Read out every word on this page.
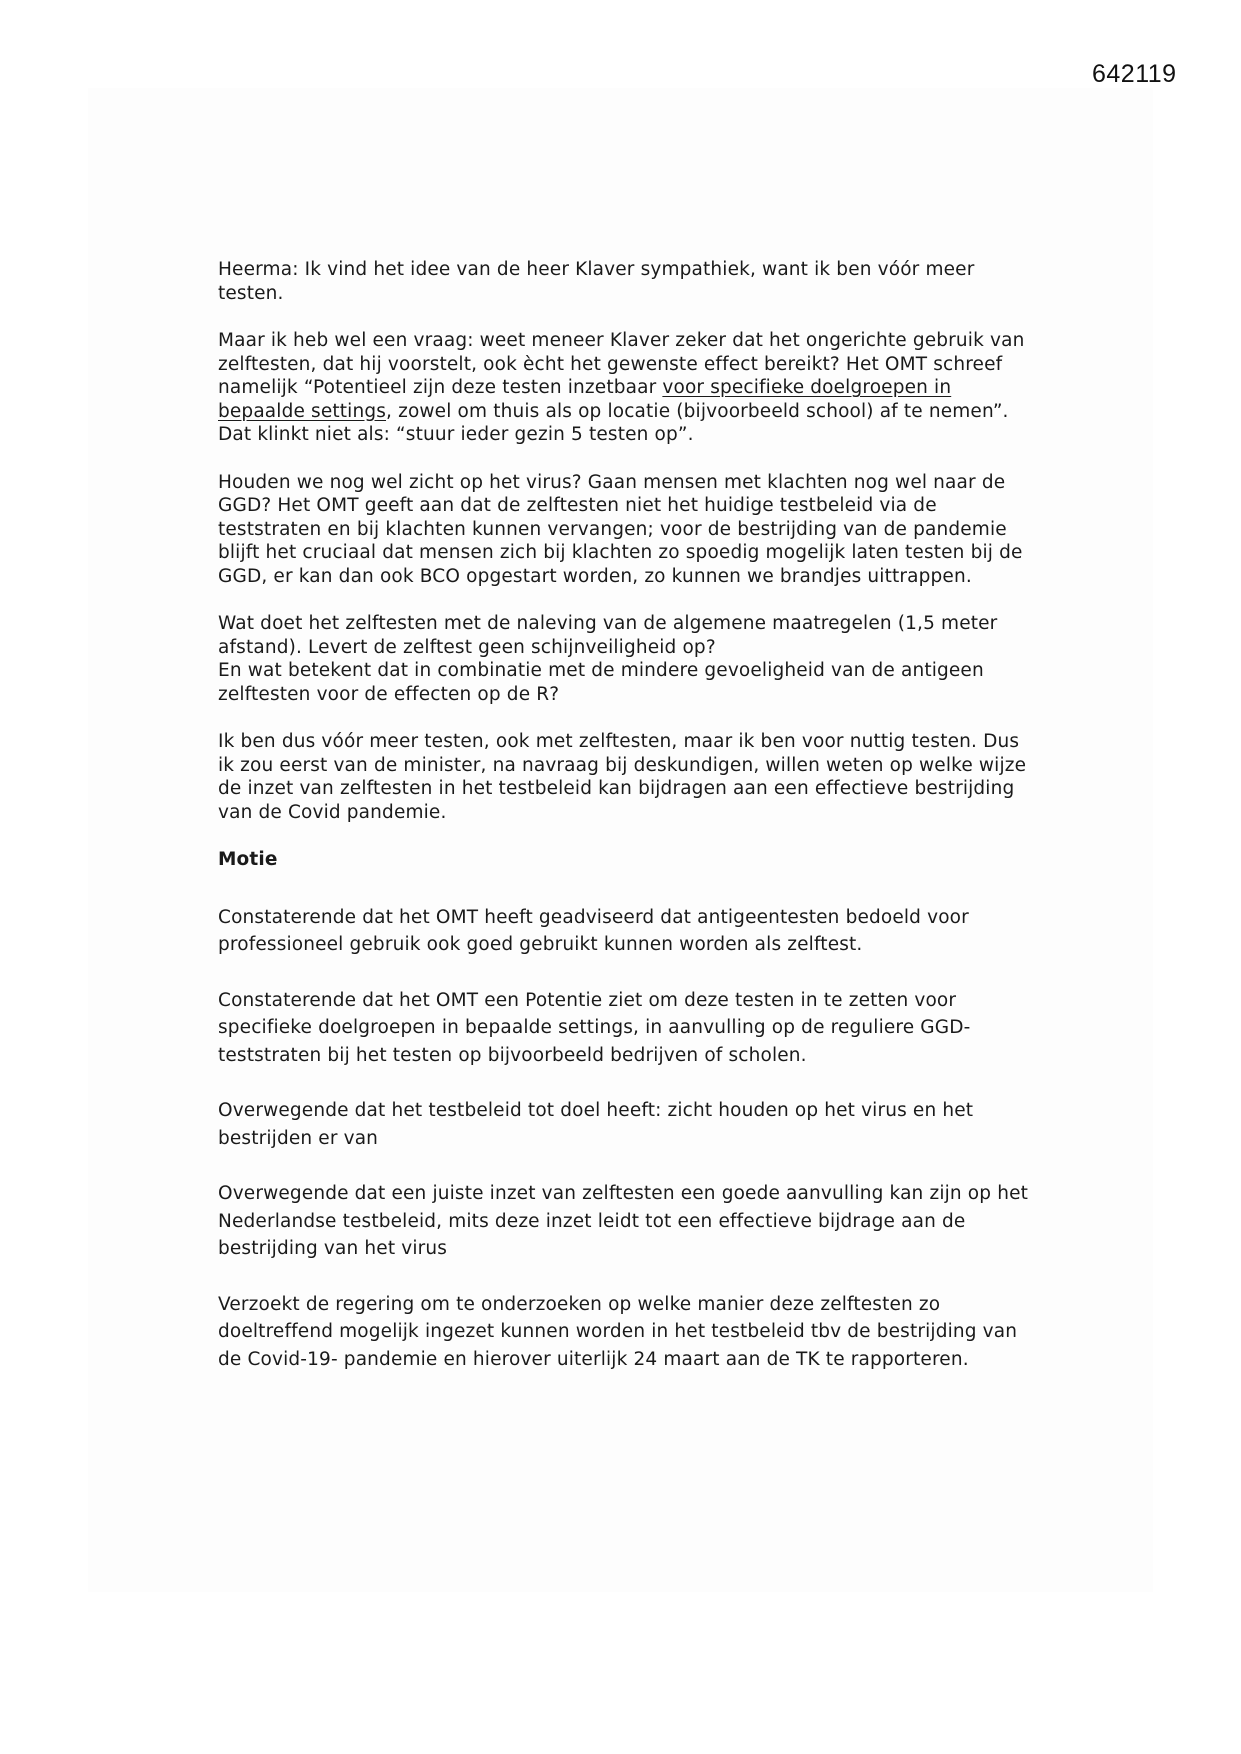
642119

Heerma: Ik vind het idee van de heer Klaver sympathiek, want ik ben vóór meer testen.

Maar ik heb wel een vraag: weet meneer Klaver zeker dat het ongerichte gebruik van zelftesten, dat hij voorstelt, ook ècht het gewenste effect bereikt? Het OMT schreef namelijk “Potentieel zijn deze testen inzetbaar voor specifieke doelgroepen in bepaalde settings, zowel om thuis als op locatie (bijvoorbeeld school) af te nemen”. Dat klinkt niet als: “stuur ieder gezin 5 testen op”.

Houden we nog wel zicht op het virus? Gaan mensen met klachten nog wel naar de GGD? Het OMT geeft aan dat de zelftesten niet het huidige testbeleid via de teststraten en bij klachten kunnen vervangen; voor de bestrijding van de pandemie blijft het cruciaal dat mensen zich bij klachten zo spoedig mogelijk laten testen bij de GGD, er kan dan ook BCO opgestart worden, zo kunnen we brandjes uittrappen.

Wat doet het zelftesten met de naleving van de algemene maatregelen (1,5 meter afstand). Levert de zelftest geen schijnveiligheid op?

En wat betekent dat in combinatie met de mindere gevoeligheid van de antigeen zelftesten voor de effecten op de R?

Ik ben dus vóór meer testen, ook met zelftesten, maar ik ben voor nuttig testen. Dus ik zou eerst van de minister, na navraag bij deskundigen, willen weten op welke wijze de inzet van zelftesten in het testbeleid kan bijdragen aan een effectieve bestrijding van de Covid pandemie.

Motie

Constaterende dat het OMT heeft geadviseerd dat antigeentesten bedoeld voor professioneel gebruik ook goed gebruikt kunnen worden als zelftest.

Constaterende dat het OMT een Potentie ziet om deze testen in te zetten voor specifieke doelgroepen in bepaalde settings, in aanvulling op de reguliere GGD-teststraten bij het testen op bijvoorbeeld bedrijven of scholen.

Overwegende dat het testbeleid tot doel heeft: zicht houden op het virus en het bestrijden er van

Overwegende dat een juiste inzet van zelftesten een goede aanvulling kan zijn op het Nederlandse testbeleid, mits deze inzet leidt tot een effectieve bijdrage aan de bestrijding van het virus

Verzoekt de regering om te onderzoeken op welke manier deze zelftesten zo doeltreffend mogelijk ingezet kunnen worden in het testbeleid tbv de bestrijding van de Covid-19- pandemie en hierover uiterlijk 24 maart aan de TK te rapporteren.
